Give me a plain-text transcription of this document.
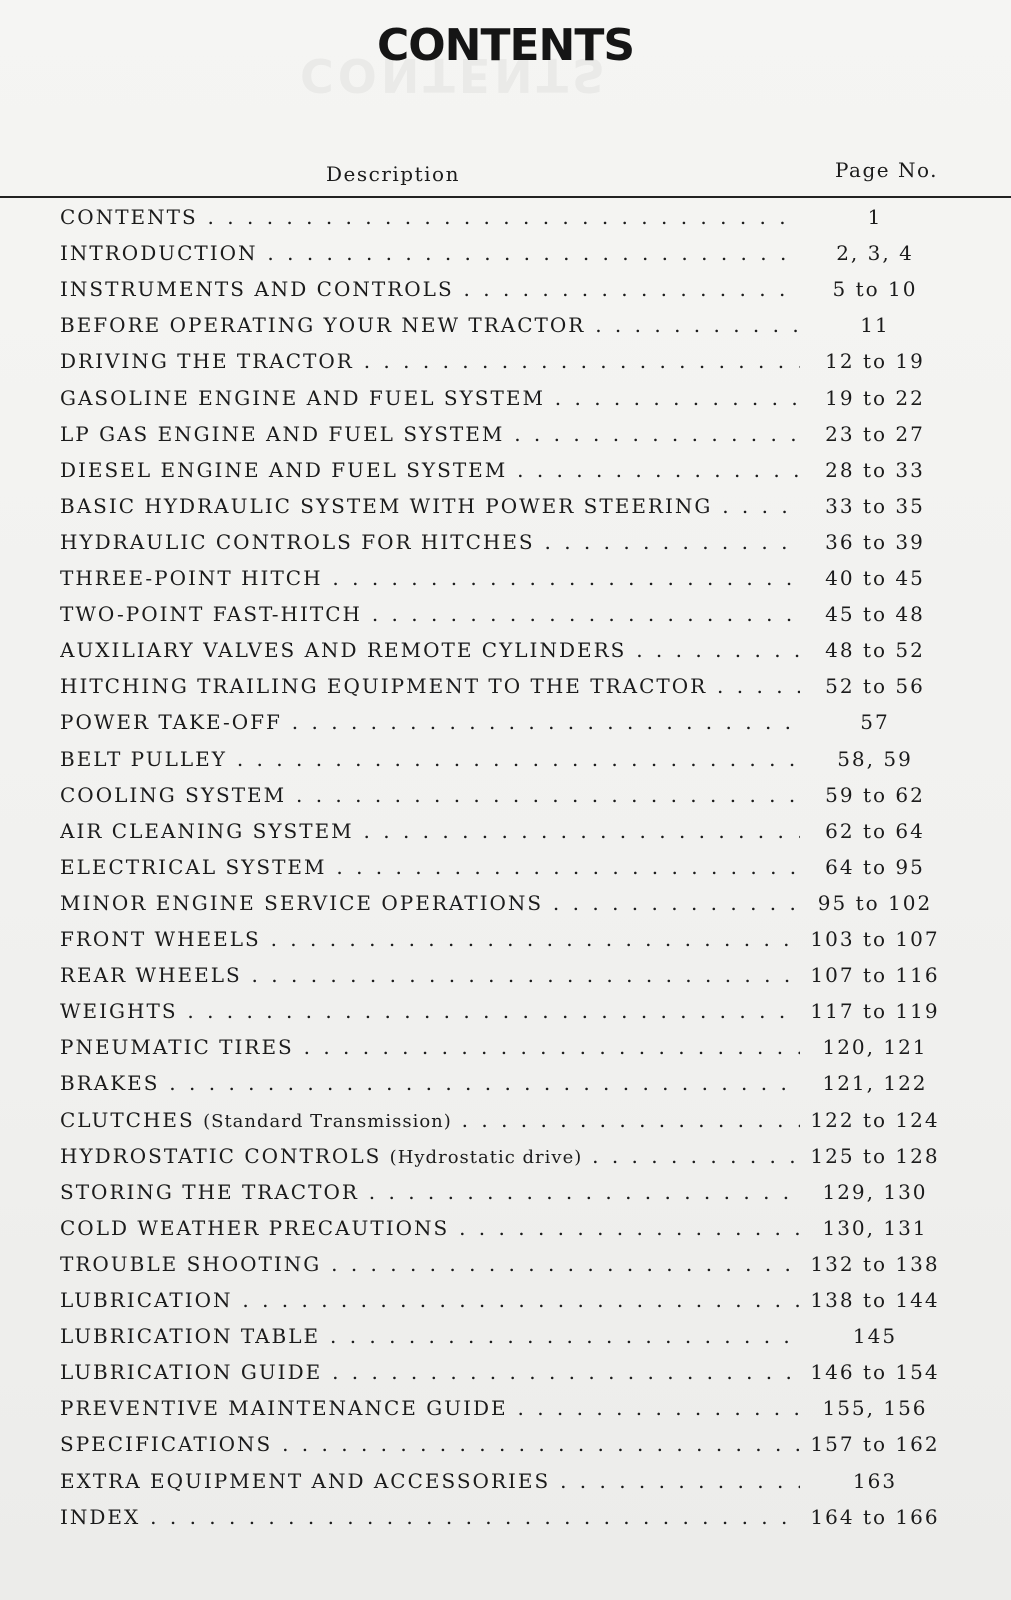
CONTENTS
Description	Page No.
CONTENTS . . .	1
INTRODUCTION . . .	2, 3, 4
INSTRUMENTS AND CONTROLS . . .	5 to 10
BEFORE OPERATING YOUR NEW TRACTOR . . .	11
DRIVING THE TRACTOR . . .	12 to 19
GASOLINE ENGINE AND FUEL SYSTEM . . .	19 to 22
LP GAS ENGINE AND FUEL SYSTEM . . .	23 to 27
DIESEL ENGINE AND FUEL SYSTEM . . .	28 to 33
BASIC HYDRAULIC SYSTEM WITH POWER STEERING . . .	33 to 35
HYDRAULIC CONTROLS FOR HITCHES . . .	36 to 39
THREE-POINT HITCH . . .	40 to 45
TWO-POINT FAST-HITCH . . .	45 to 48
AUXILIARY VALVES AND REMOTE CYLINDERS . . .	48 to 52
HITCHING TRAILING EQUIPMENT TO THE TRACTOR . . .	52 to 56
POWER TAKE-OFF . . .	57
BELT PULLEY . . .	58, 59
COOLING SYSTEM . . .	59 to 62
AIR CLEANING SYSTEM . . .	62 to 64
ELECTRICAL SYSTEM . . .	64 to 95
MINOR ENGINE SERVICE OPERATIONS . . .	95 to 102
FRONT WHEELS . . .	103 to 107
REAR WHEELS . . .	107 to 116
WEIGHTS . . .	117 to 119
PNEUMATIC TIRES . . .	120, 121
BRAKES . . .	121, 122
CLUTCHES (Standard Transmission) . . .	122 to 124
HYDROSTATIC CONTROLS (Hydrostatic drive) . . .	125 to 128
STORING THE TRACTOR . . .	129, 130
COLD WEATHER PRECAUTIONS . . .	130, 131
TROUBLE SHOOTING . . .	132 to 138
LUBRICATION . . .	138 to 144
LUBRICATION TABLE . . .	145
LUBRICATION GUIDE . . .	146 to 154
PREVENTIVE MAINTENANCE GUIDE . . .	155, 156
SPECIFICATIONS . . .	157 to 162
EXTRA EQUIPMENT AND ACCESSORIES . . .	163
INDEX . . .	164 to 166
